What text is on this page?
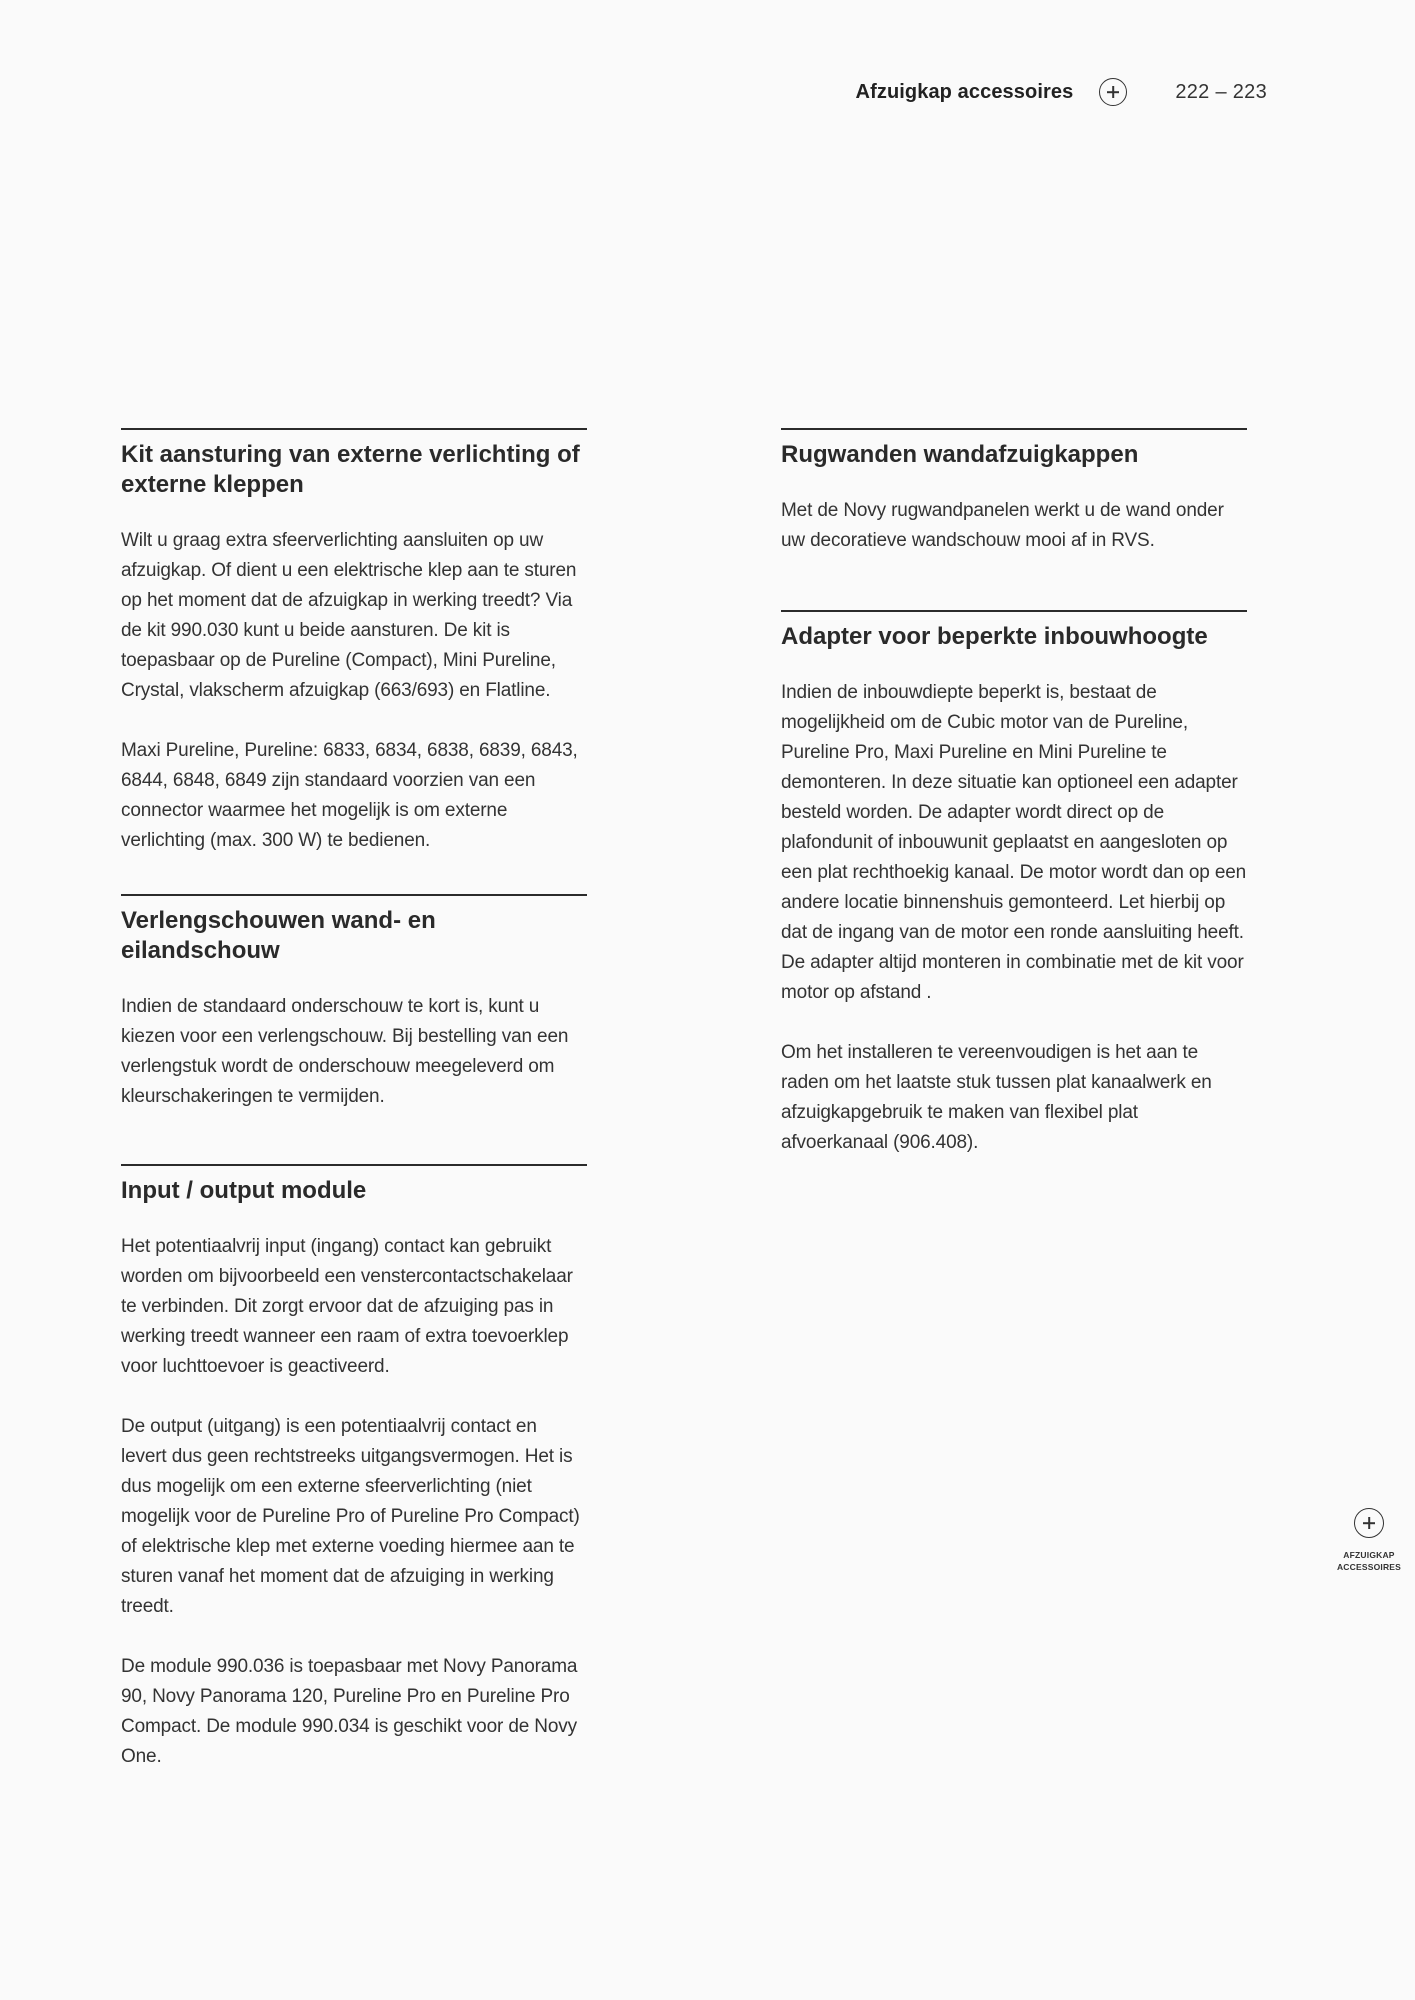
Afzuigkap accessoires	222 – 223
Kit aansturing van externe verlichting of externe kleppen

Wilt u graag extra sfeerverlichting aansluiten op uw afzuigkap. Of dient u een elektrische klep aan te sturen op het moment dat de afzuigkap in werking treedt? Via de kit 990.030 kunt u beide aansturen. De kit is toepasbaar op de Pureline (Compact), Mini Pureline, Crystal, vlakscherm afzuigkap (663/693) en Flatline.

Maxi Pureline, Pureline: 6833, 6834, 6838, 6839, 6843, 6844, 6848, 6849 zijn standaard voorzien van een connector waarmee het mogelijk is om externe verlichting (max. 300 W) te bedienen.

Verlengschouwen wand- en eilandschouw

Indien de standaard onderschouw te kort is, kunt u kiezen voor een verlengschouw. Bij bestelling van een verlengstuk wordt de onderschouw meegeleverd om kleurschakeringen te vermijden.

Input / output module

Het potentiaalvrij input (ingang) contact kan gebruikt worden om bijvoorbeeld een venstercontactschakelaar te verbinden. Dit zorgt ervoor dat de afzuiging pas in werking treedt wanneer een raam of extra toevoerklep voor luchttoevoer is geactiveerd.

De output (uitgang) is een potentiaalvrij contact en levert dus geen rechtstreeks uitgangsvermogen. Het is dus mogelijk om een externe sfeerverlichting (niet mogelijk voor de Pureline Pro of Pureline Pro Compact) of elektrische klep met externe voeding hiermee aan te sturen vanaf het moment dat de afzuiging in werking treedt.

De module 990.036 is toepasbaar met Novy Panorama 90, Novy Panorama 120, Pureline Pro en Pureline Pro Compact. De module 990.034 is geschikt voor de Novy One.

Rugwanden wandafzuigkappen

Met de Novy rugwandpanelen werkt u de wand onder uw decoratieve wandschouw mooi af in RVS.

Adapter voor beperkte inbouwhoogte

Indien de inbouwdiepte beperkt is, bestaat de mogelijkheid om de Cubic motor van de Pureline, Pureline Pro, Maxi Pureline en Mini Pureline te demonteren. In deze situatie kan optioneel een adapter besteld worden. De adapter wordt direct op de plafondunit of inbouwunit geplaatst en aangesloten op een plat rechthoekig kanaal. De motor wordt dan op een andere locatie binnenshuis gemonteerd. Let hierbij op dat de ingang van de motor een ronde aansluiting heeft. De adapter altijd monteren in combinatie met de kit voor motor op afstand .

Om het installeren te vereenvoudigen is het aan te raden om het laatste stuk tussen plat kanaalwerk en afzuigkapgebruik te maken van flexibel plat afvoerkanaal (906.408).

AFZUIGKAP
ACCESSOIRES
